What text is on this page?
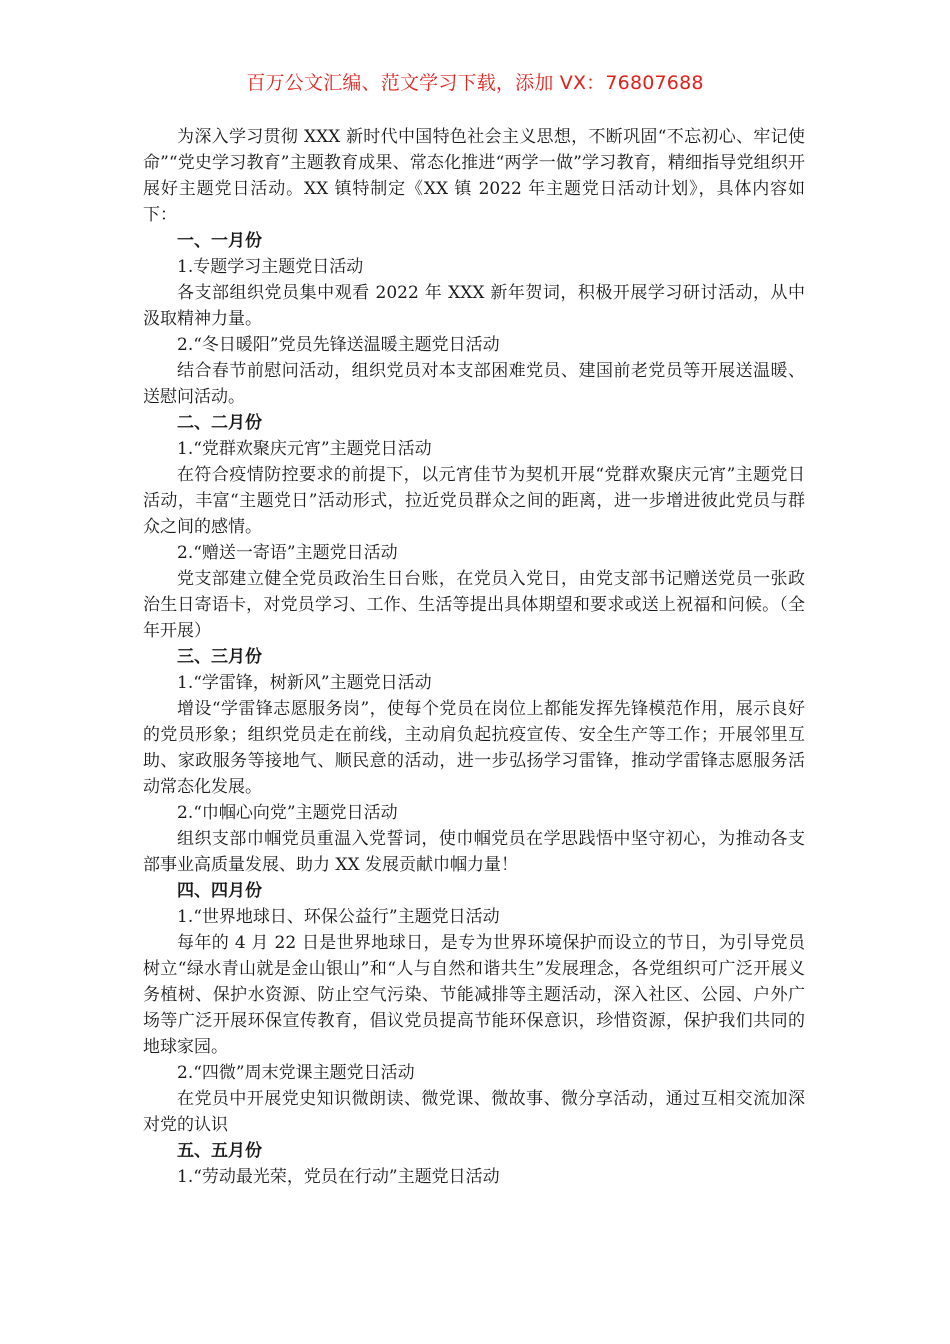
百万公文汇编、范文学习下载，添加 VX：76807688

为深入学习贯彻 XXX 新时代中国特色社会主义思想，不断巩固“不忘初心、牢记使命”“党史学习教育”主题教育成果、常态化推进“两学一做”学习教育，精细指导党组织开展好主题党日活动。XX 镇特制定《XX 镇 2022 年主题党日活动计划》，具体内容如下：

一、一月份

1.专题学习主题党日活动

各支部组织党员集中观看 2022 年 XXX 新年贺词，积极开展学习研讨活动，从中汲取精神力量。

2.“冬日暖阳”党员先锋送温暖主题党日活动

结合春节前慰问活动，组织党员对本支部困难党员、建国前老党员等开展送温暖、送慰问活动。

二、二月份

1.“党群欢聚庆元宵”主题党日活动

在符合疫情防控要求的前提下，以元宵佳节为契机开展“党群欢聚庆元宵”主题党日活动，丰富“主题党日”活动形式，拉近党员群众之间的距离，进一步增进彼此党员与群众之间的感情。

2.“赠送一寄语”主题党日活动

党支部建立健全党员政治生日台账，在党员入党日，由党支部书记赠送党员一张政治生日寄语卡，对党员学习、工作、生活等提出具体期望和要求或送上祝福和问候。（全年开展）

三、三月份

1.“学雷锋，树新风”主题党日活动

增设“学雷锋志愿服务岗”，使每个党员在岗位上都能发挥先锋模范作用，展示良好的党员形象；组织党员走在前线，主动肩负起抗疫宣传、安全生产等工作；开展邻里互助、家政服务等接地气、顺民意的活动，进一步弘扬学习雷锋，推动学雷锋志愿服务活动常态化发展。

2.“巾帼心向党”主题党日活动

组织支部巾帼党员重温入党誓词，使巾帼党员在学思践悟中坚守初心，为推动各支部事业高质量发展、助力 XX 发展贡献巾帼力量！

四、四月份

1.“世界地球日、环保公益行”主题党日活动

每年的 4 月 22 日是世界地球日，是专为世界环境保护而设立的节日，为引导党员树立“绿水青山就是金山银山”和“人与自然和谐共生”发展理念，各党组织可广泛开展义务植树、保护水资源、防止空气污染、节能减排等主题活动，深入社区、公园、户外广场等广泛开展环保宣传教育，倡议党员提高节能环保意识，珍惜资源，保护我们共同的地球家园。

2.“四微”周末党课主题党日活动

在党员中开展党史知识微朗读、微党课、微故事、微分享活动，通过互相交流加深对党的认识

五、五月份

1.“劳动最光荣，党员在行动”主题党日活动
